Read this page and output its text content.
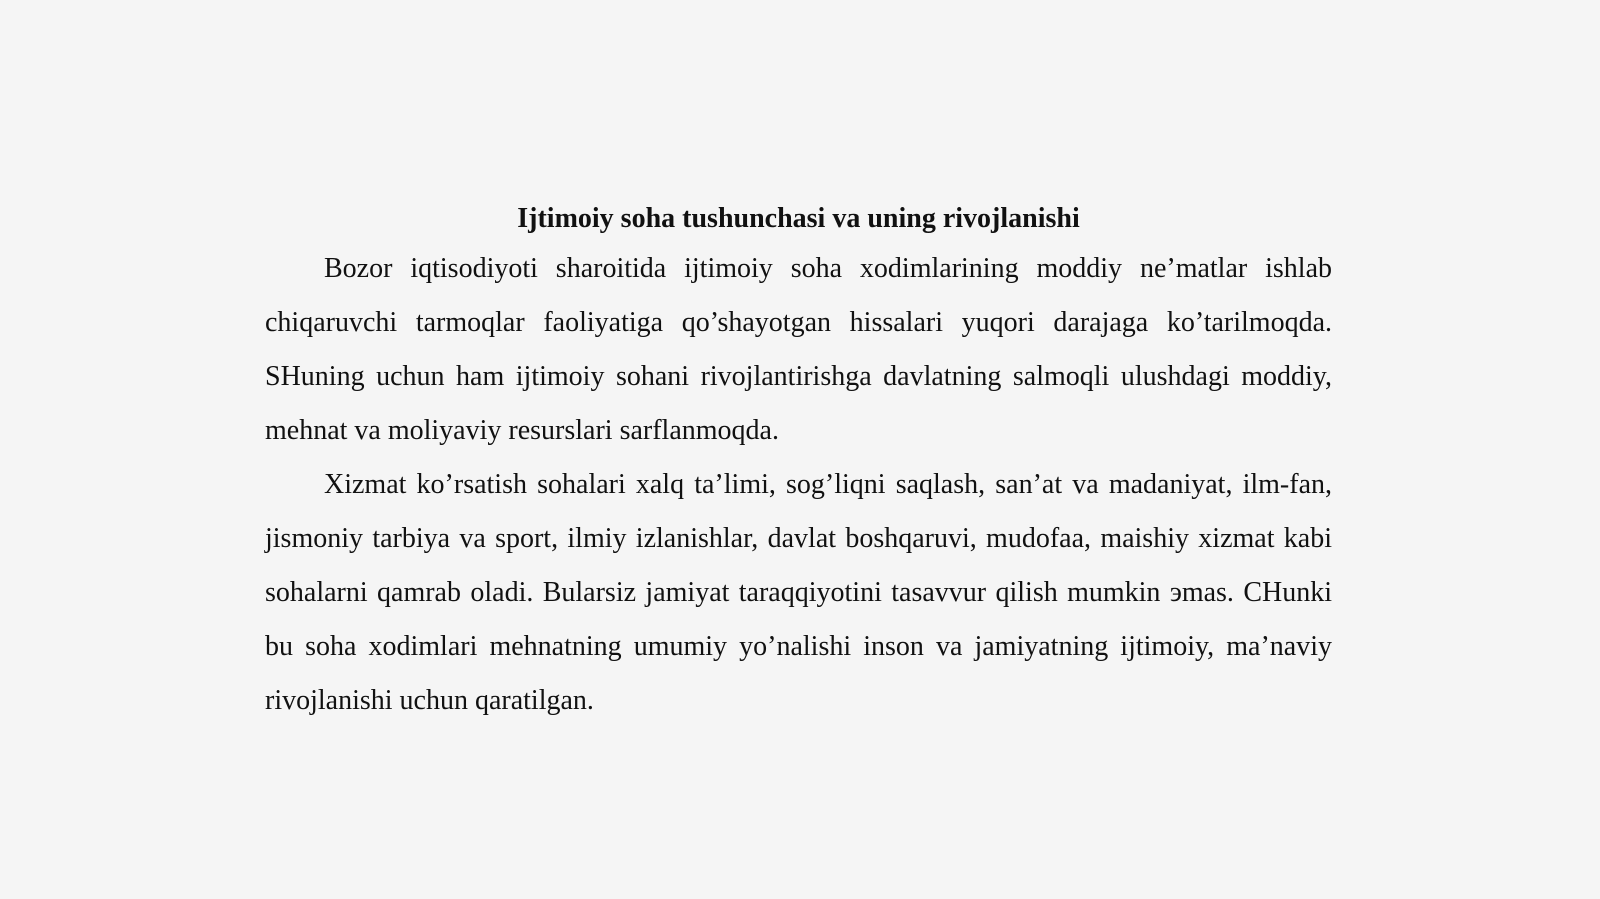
Ijtimoiy soha tushunchasi va uning rivojlanishi

Bozor iqtisodiyoti sharoitida ijtimoiy soha xodimlarining moddiy ne’matlar ishlab chiqaruvchi tarmoqlar faoliyatiga qo’shayotgan hissalari yuqori darajaga ko’tarilmoqda. SHuning uchun ham ijtimoiy sohani rivojlantirishga davlatning salmoqli ulushdagi moddiy, mehnat va moliyaviy resurslari sarflanmoqda.

Xizmat ko’rsatish sohalari xalq ta’limi, sog’liqni saqlash, san’at va madaniyat, ilm-fan, jismoniy tarbiya va sport, ilmiy izlanishlar, davlat boshqaruvi, mudofaa, maishiy xizmat kabi sohalarni qamrab oladi. Bularsiz jamiyat taraqqiyotini tasavvur qilish mumkin эmas. CHunki bu soha xodimlari mehnatning umumiy yo’nalishi inson va jamiyatning ijtimoiy, ma’naviy rivojlanishi uchun qaratilgan.
